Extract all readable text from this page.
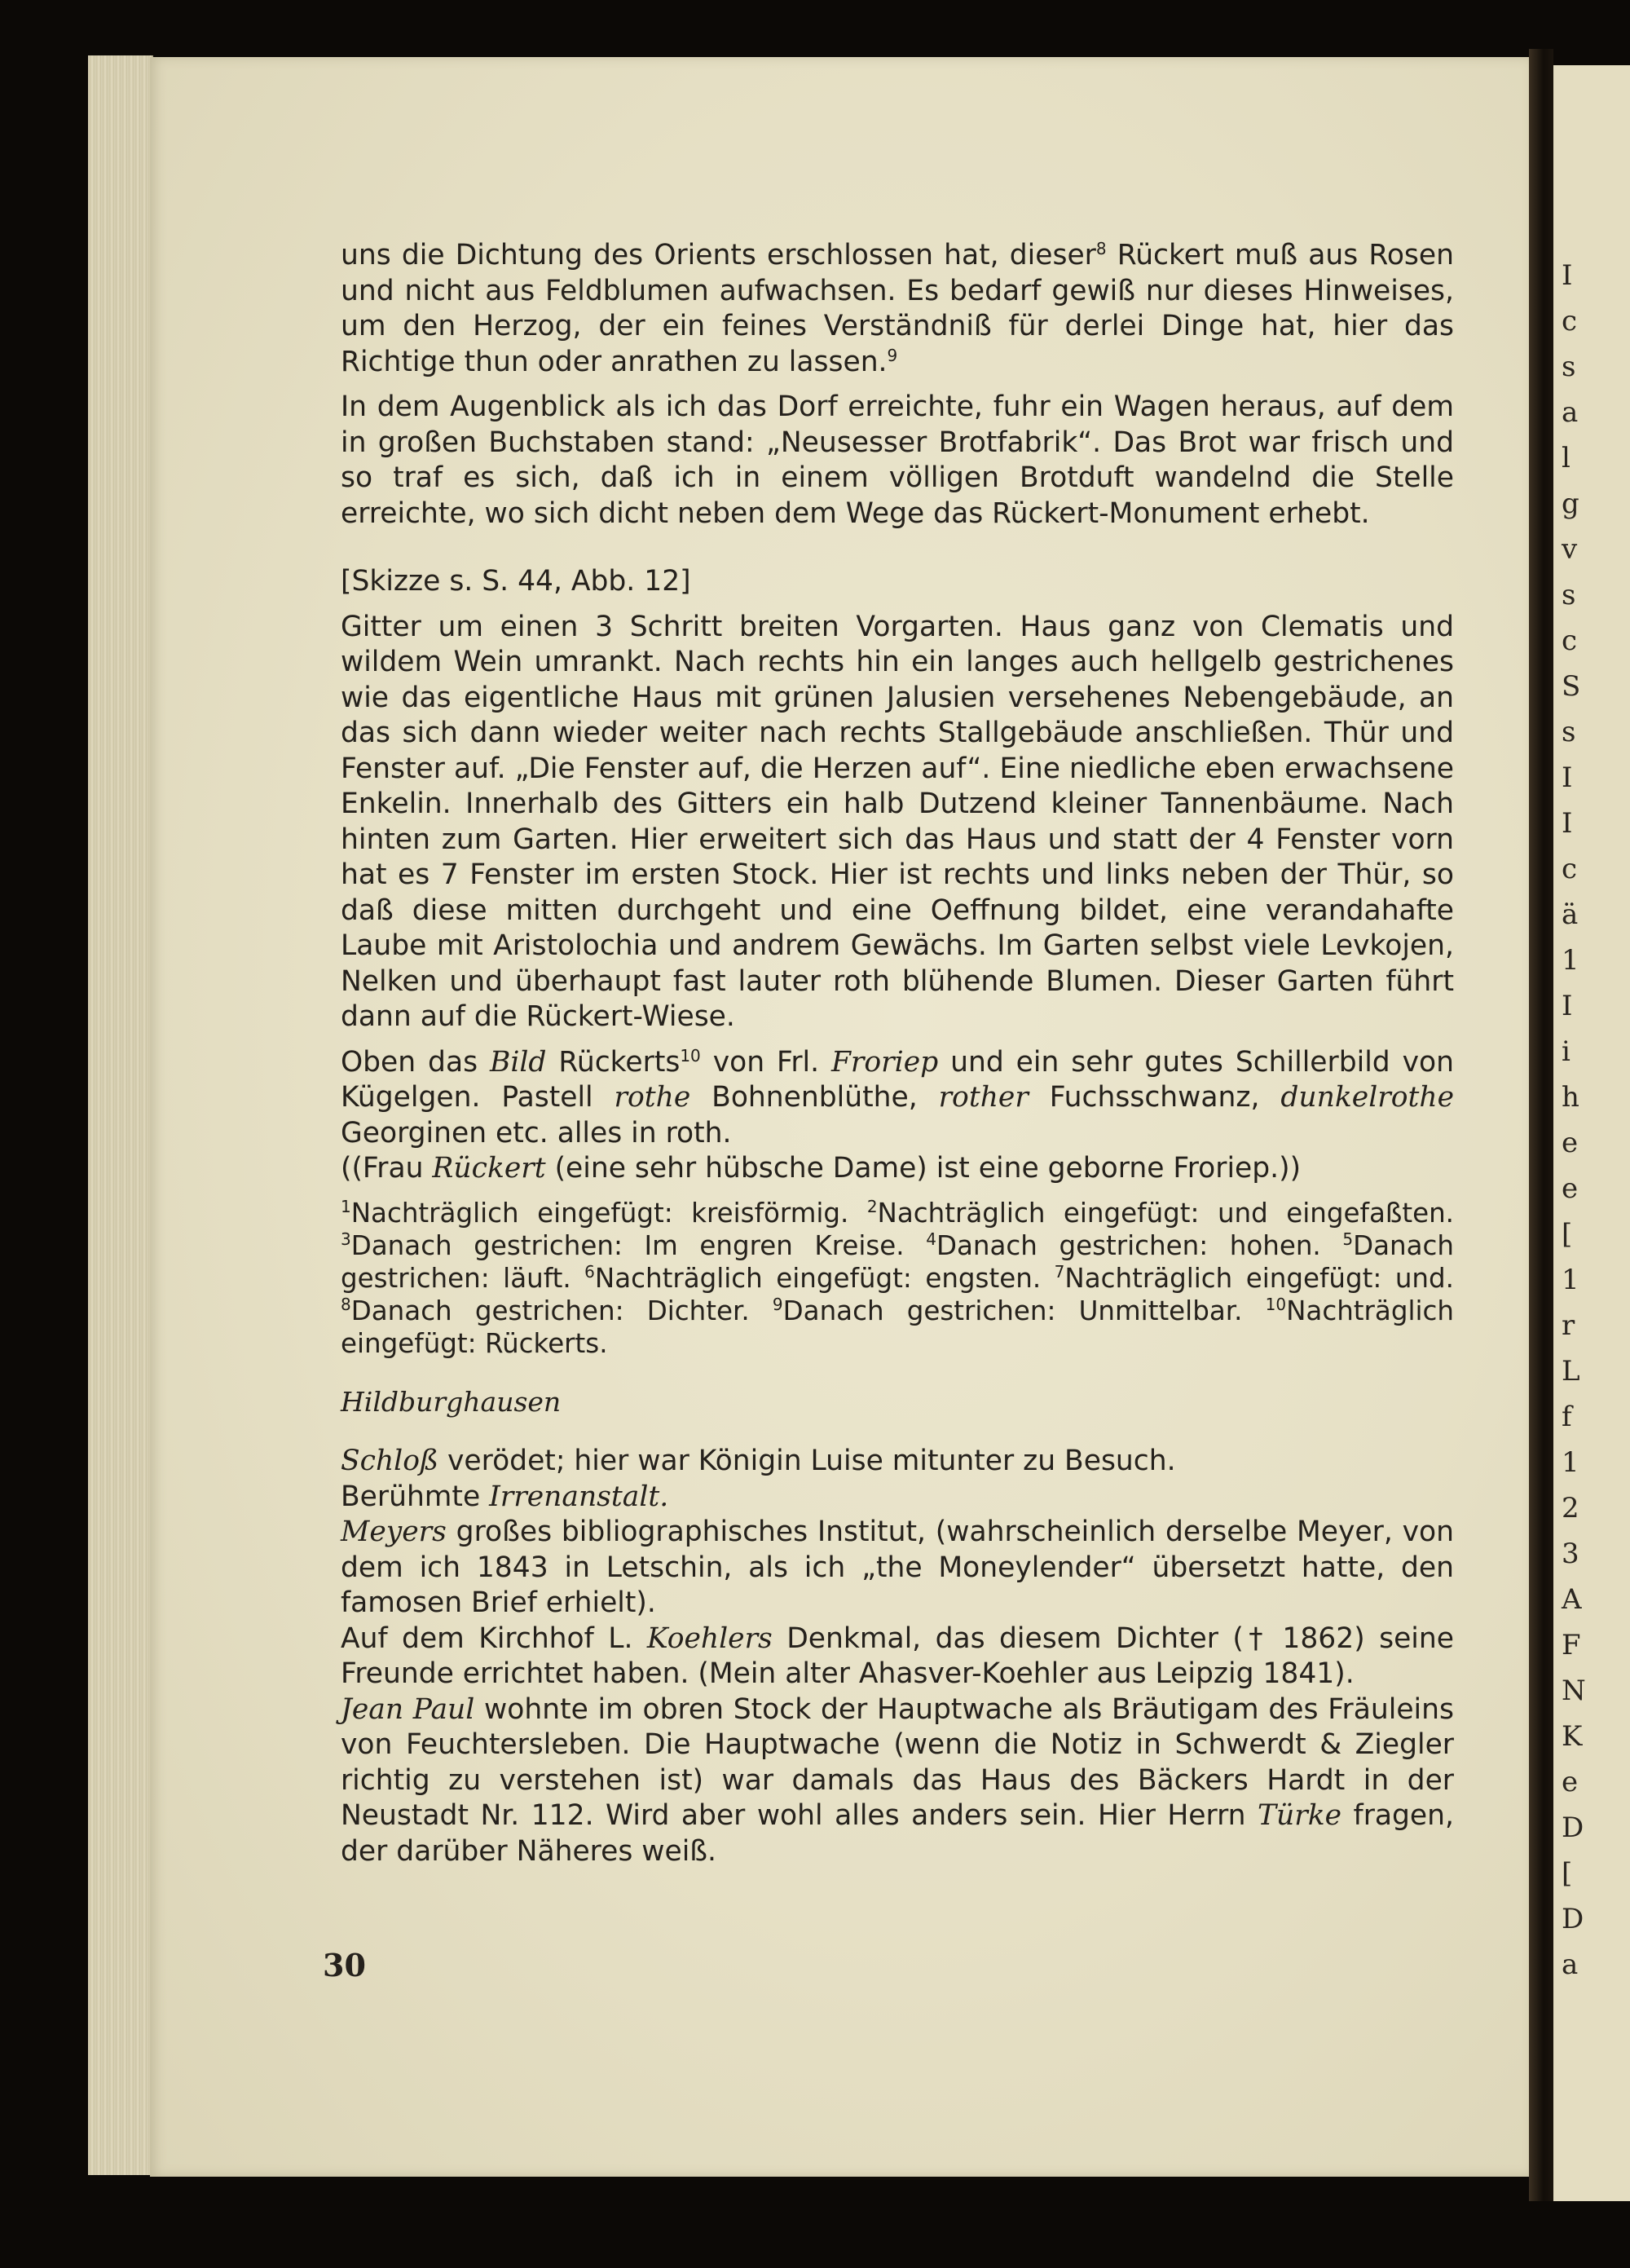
I
c
s
a
l
g
v
s
c
S
s
I
I
c
ä
1
I
i
h
e
e
[
1
r
L
f
1
2
3
A
F
N
K
e
D
[
D
a

uns die Dichtung des Orients erschlossen hat, dieser$^8$ Rückert muß aus Rosen und nicht aus Feldblumen aufwachsen. Es bedarf gewiß nur dieses Hinweises, um den Herzog, der ein feines Verständniß für derlei Dinge hat, hier das Richtige thun oder anrathen zu lassen.$^9$

In dem Augenblick als ich das Dorf erreichte, fuhr ein Wagen heraus, auf dem in großen Buchstaben stand: „Neusesser Brotfabrik“. Das Brot war frisch und so traf es sich, daß ich in einem völligen Brotduft wandelnd die Stelle erreichte, wo sich dicht neben dem Wege das Rückert-Monument erhebt.

[Skizze s. S. 44, Abb. 12]

Gitter um einen 3 Schritt breiten Vorgarten. Haus ganz von Clematis und wildem Wein umrankt. Nach rechts hin ein langes auch hellgelb gestrichenes wie das eigentliche Haus mit grünen Jalusien versehenes Nebengebäude, an das sich dann wieder weiter nach rechts Stallgebäude anschließen. Thür und Fenster auf. „Die Fenster auf, die Herzen auf“. Eine niedliche eben erwachsene Enkelin. Innerhalb des Gitters ein halb Dutzend kleiner Tannenbäume. Nach hinten zum Garten. Hier erweitert sich das Haus und statt der 4 Fenster vorn hat es 7 Fenster im ersten Stock. Hier ist rechts und links neben der Thür, so daß diese mitten durchgeht und eine Oeffnung bildet, eine verandahafte Laube mit Aristolochia und andrem Gewächs. Im Garten selbst viele Levkojen, Nelken und überhaupt fast lauter roth blühende Blumen. Dieser Garten führt dann auf die Rückert-Wiese.

Oben das Bild Rückerts$^{10}$ von Frl. Froriep und ein sehr gutes Schillerbild von Kügelgen. Pastell rothe Bohnenblüthe, rother Fuchsschwanz, dunkelrothe Georginen etc. alles in roth.

((Frau Rückert (eine sehr hübsche Dame) ist eine geborne Froriep.))

$^1$Nachträglich eingefügt: kreisförmig. $^2$Nachträglich eingefügt: und eingefaßten. $^3$Danach gestrichen: Im engren Kreise. $^4$Danach gestrichen: hohen. $^5$Danach gestrichen: läuft. $^6$Nachträglich eingefügt: engsten. $^7$Nachträglich eingefügt: und. $^8$Danach gestrichen: Dichter. $^9$Danach gestrichen: Unmittelbar. $^{10}$Nachträglich eingefügt: Rückerts.

Hildburghausen

Schloß verödet; hier war Königin Luise mitunter zu Besuch.

Berühmte Irrenanstalt.

Meyers großes bibliographisches Institut, (wahrscheinlich derselbe Meyer, von dem ich 1843 in Letschin, als ich „the Moneylender“ übersetzt hatte, den famosen Brief erhielt).

Auf dem Kirchhof L. Koehlers Denkmal, das diesem Dichter († 1862) seine Freunde errichtet haben. (Mein alter Ahasver-Koehler aus Leipzig 1841).

Jean Paul wohnte im obren Stock der Hauptwache als Bräutigam des Fräuleins von Feuchtersleben. Die Hauptwache (wenn die Notiz in Schwerdt & Ziegler richtig zu verstehen ist) war damals das Haus des Bäckers Hardt in der Neustadt Nr. 112. Wird aber wohl alles anders sein. Hier Herrn Türke fragen, der darüber Näheres weiß.

30
